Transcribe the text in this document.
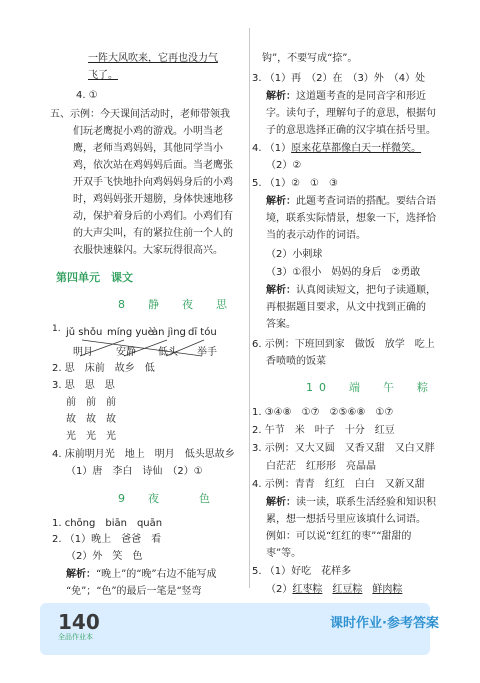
一阵大风吹来，它再也没力气
飞了。
4. ①
五、示例：今天课间活动时，老师带领我
们玩老鹰捉小鸡的游戏。小明当老
鹰，老师当鸡妈妈，其他同学当小
鸡，依次站在鸡妈妈后面。当老鹰张
开双手飞快地扑向鸡妈妈身后的小鸡
时，鸡妈妈张开翅膀，身体快速地移
动，保护着身后的小鸡们。小鸡们有
的大声尖叫，有的紧拉住前一个人的
衣服快速躲闪。大家玩得很高兴。
第四单元　课文
8　静　夜　思
1. jǔ shǒu míng yuè
àn jìng dī tóu
明月 安静 低头 举手
2. 思　床前　故乡　低
3. 思　思　思
前　前　前
故　故　故
光　光　光
4. 床前明月光　地上　明月　低头思故乡
（1）唐　李白　诗仙　（2）①
9　夜　　色
1. chōng　biān　quān
2. （1）晚上　爸爸　看
（2）外　笑　色
解析：“晚上”的“晚”右边不能写成
“免”；“色”的最后一笔是“竖弯
钩”，不要写成“捺”。
3. （1）再　（2）在　（3）外　（4）处
解析：这道题考查的是同音字和形近
字。读句子，理解句子的意思，根据句
子的意思选择正确的汉字填在括号里。
4. （1）原来花草都像白天一样微笑。
（2）②
5. （1）②　①　③
解析：此题考查词语的搭配。要结合语
境，联系实际情景，想象一下，选择恰
当的表示动作的词语。
（2）小刺球
（3）①很小　妈妈的身后　②勇敢
解析：认真阅读短文，把句子读通顺，
再根据题目要求，从文中找到正确的
答案。
6. 示例：下班回到家　做饭　放学　吃上
香喷喷的饭菜
10　端　午　粽
1. ③④⑧　①⑦　②⑤⑥⑧　①⑦
2. 午节　米　叶子　十分　红豆
3. 示例：又大又圆　又香又甜　又白又胖
白茫茫　红形形　亮晶晶
4. 示例：青青　红红　白白　又新又甜
解析：读一读，联系生活经验和知识积
累，想一想括号里应该填什么词语。
例如：可以说“红红的枣”“甜甜的
枣”等。
5. （1）好吃　花样多
（2）红枣粽　 红豆粽　 鲜肉粽
140
全品作业本
课时作业·参考答案
